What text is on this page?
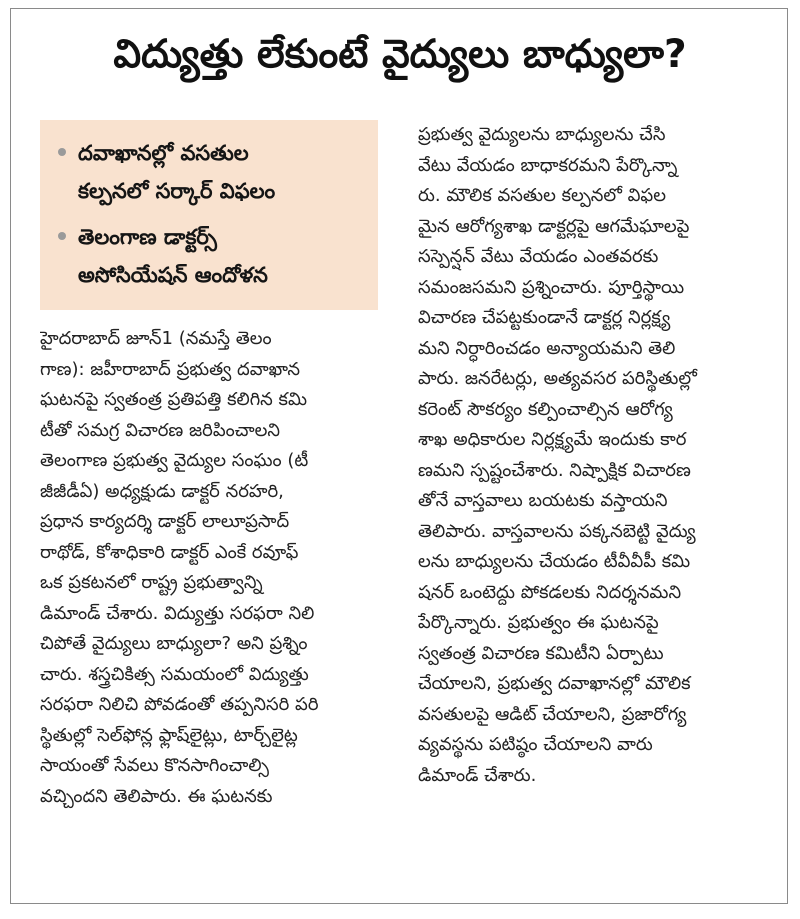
విద్యుత్తు లేకుంటే వైద్యులు బాధ్యులా?
దవాఖానల్లో వసతుల
కల్పనలో సర్కార్ విఫలం
తెలంగాణ డాక్టర్స్
అసోసియేషన్ ఆందోళన
హైదరాబాద్ జూన్1 (నమస్తే తెలం
గాణ): జహీరాబాద్ ప్రభుత్వ దవాఖాన
ఘటనపై స్వతంత్ర ప్రతిపత్తి కలిగిన కమి
టీతో సమగ్ర విచారణ జరిపించాలని
తెలంగాణ ప్రభుత్వ వైద్యుల సంఘం (టీ
జీజీడీఏ) అధ్యక్షుడు డాక్టర్ నరహరి,
ప్రధాన కార్యదర్శి డాక్టర్ లాలూప్రసాద్
రాథోడ్, కోశాధికారి డాక్టర్ ఎంకే రవూఫ్
ఒక ప్రకటనలో రాష్ట్ర ప్రభుత్వాన్ని
డిమాండ్ చేశారు. విద్యుత్తు సరఫరా నిలి
చిపోతే వైద్యులు బాధ్యులా? అని ప్రశ్నిం
చారు. శస్త్రచికిత్స సమయంలో విద్యుత్తు
సరఫరా నిలిచి పోవడంతో తప్పనిసరి పరి
స్థితుల్లో సెల్‌ఫోన్ల ఫ్లాష్‌లైట్లు, టార్చ్‌లైట్ల
సాయంతో సేవలు కొనసాగించాల్సి
వచ్చిందని తెలిపారు. ఈ ఘటనకు
ప్రభుత్వ వైద్యులను బాధ్యులను చేసి
వేటు వేయడం బాధాకరమని పేర్కొన్నా
రు. మౌలిక వసతుల కల్పనలో విఫల
మైన ఆరోగ్యశాఖ డాక్టర్లపై ఆగమేఘాలపై
సస్పెన్షన్ వేటు వేయడం ఎంతవరకు
సమంజసమని ప్రశ్నించారు. పూర్తిస్థాయి
విచారణ చేపట్టకుండానే డాక్టర్ల నిర్లక్ష్య
మని నిర్ధారించడం అన్యాయమని తెలి
పారు. జనరేటర్లు, అత్యవసర పరిస్థితుల్లో
కరెంట్ సౌకర్యం కల్పించాల్సిన ఆరోగ్య
శాఖ అధికారుల నిర్లక్ష్యమే ఇందుకు కార
ణమని స్పష్టంచేశారు. నిష్పాక్షిక విచారణ
తోనే వాస్తవాలు బయటకు వస్తాయని
తెలిపారు. వాస్తవాలను పక్కనబెట్టి వైద్యు
లను బాధ్యులను చేయడం టీవీవీపీ కమి
షనర్ ఒంటెద్దు పోకడలకు నిదర్శనమని
పేర్కొన్నారు. ప్రభుత్వం ఈ ఘటనపై
స్వతంత్ర విచారణ కమిటీని ఏర్పాటు
చేయాలని, ప్రభుత్వ దవాఖానల్లో మౌలిక
వసతులపై ఆడిట్ చేయాలని, ప్రజారోగ్య
వ్యవస్థను పటిష్ఠం చేయాలని వారు
డిమాండ్ చేశారు.
